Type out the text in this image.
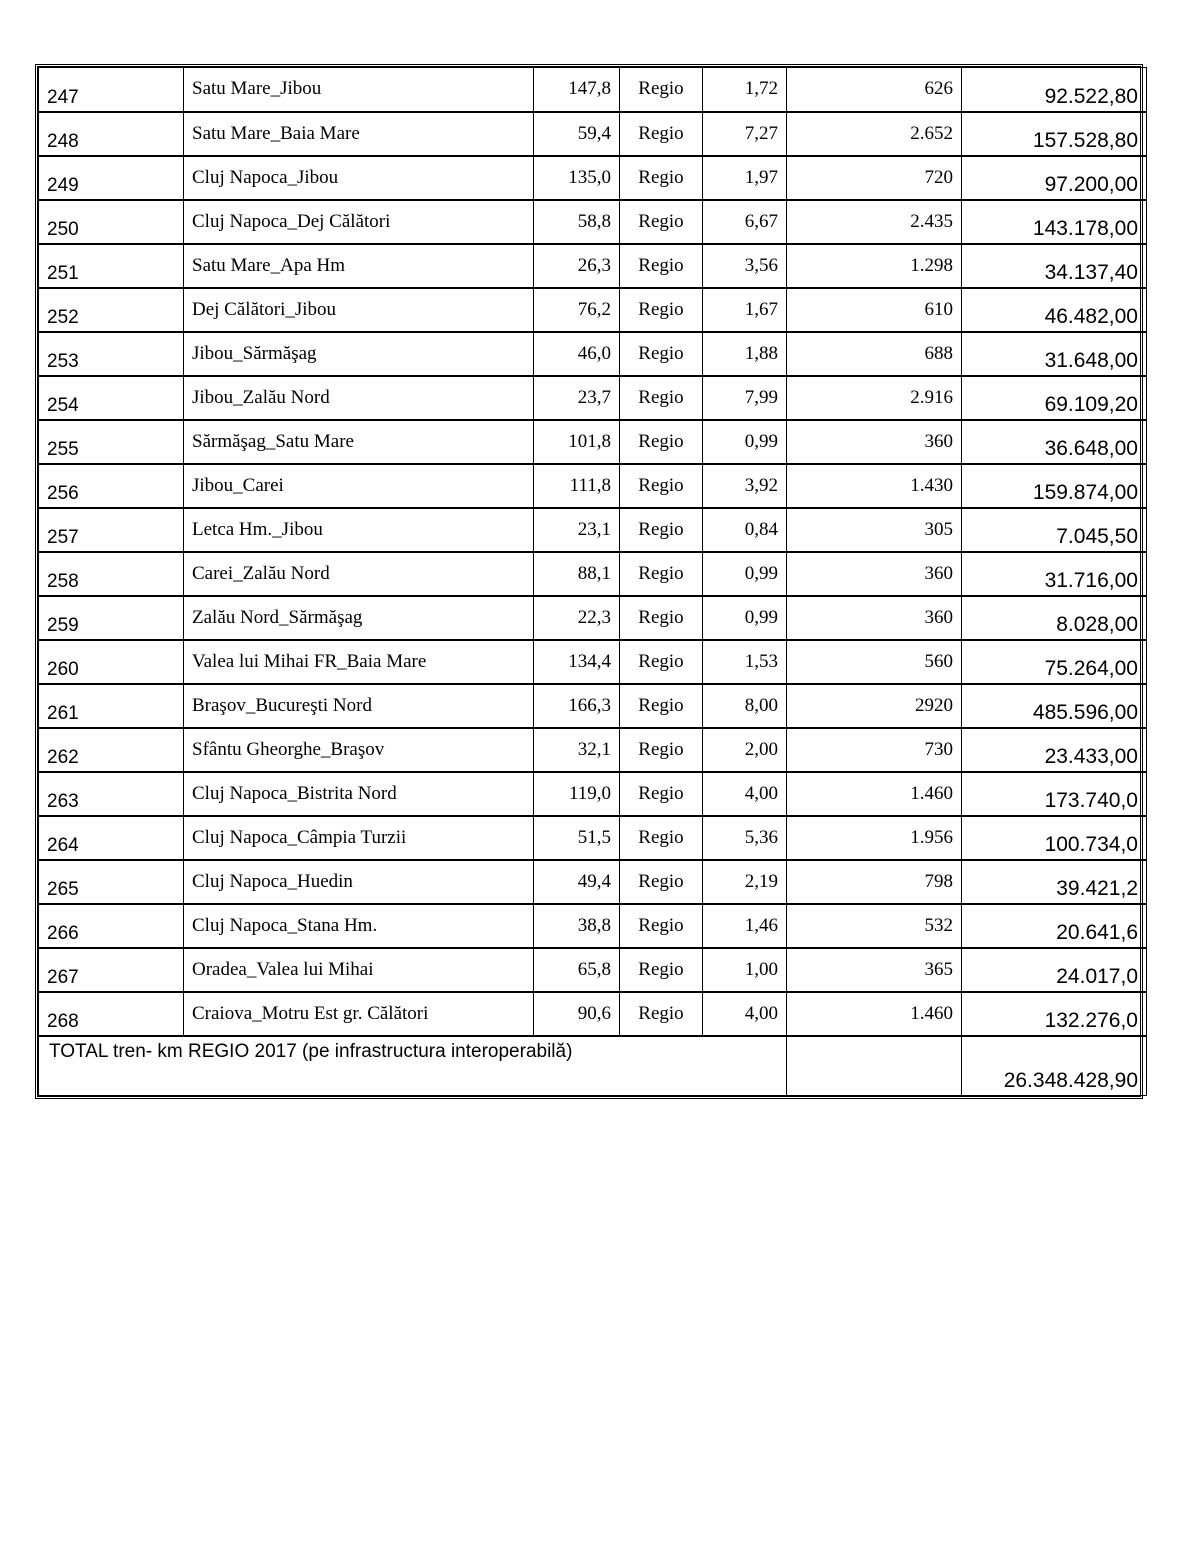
247	Satu Mare_Jibou	147,8	Regio	1,72	626	92.522,80
248	Satu Mare_Baia Mare	59,4	Regio	7,27	2.652	157.528,80
249	Cluj Napoca_Jibou	135,0	Regio	1,97	720	97.200,00
250	Cluj Napoca_Dej Călători	58,8	Regio	6,67	2.435	143.178,00
251	Satu Mare_Apa Hm	26,3	Regio	3,56	1.298	34.137,40
252	Dej Călători_Jibou	76,2	Regio	1,67	610	46.482,00
253	Jibou_Sărmăşag	46,0	Regio	1,88	688	31.648,00
254	Jibou_Zalău Nord	23,7	Regio	7,99	2.916	69.109,20
255	Sărmăşag_Satu Mare	101,8	Regio	0,99	360	36.648,00
256	Jibou_Carei	111,8	Regio	3,92	1.430	159.874,00
257	Letca Hm._Jibou	23,1	Regio	0,84	305	7.045,50
258	Carei_Zalău Nord	88,1	Regio	0,99	360	31.716,00
259	Zalău Nord_Sărmăşag	22,3	Regio	0,99	360	8.028,00
260	Valea lui Mihai FR_Baia Mare	134,4	Regio	1,53	560	75.264,00
261	Braşov_Bucureşti Nord	166,3	Regio	8,00	2920	485.596,00
262	Sfântu Gheorghe_Braşov	32,1	Regio	2,00	730	23.433,00
263	Cluj Napoca_Bistrita Nord	119,0	Regio	4,00	1.460	173.740,0
264	Cluj Napoca_Câmpia Turzii	51,5	Regio	5,36	1.956	100.734,0
265	Cluj Napoca_Huedin	49,4	Regio	2,19	798	39.421,2
266	Cluj Napoca_Stana Hm.	38,8	Regio	1,46	532	20.641,6
267	Oradea_Valea lui Mihai	65,8	Regio	1,00	365	24.017,0
268	Craiova_Motru Est gr. Călători	90,6	Regio	4,00	1.460	132.276,0
TOTAL tren- km REGIO 2017 (pe infrastructura interoperabilă)						26.348.428,90
